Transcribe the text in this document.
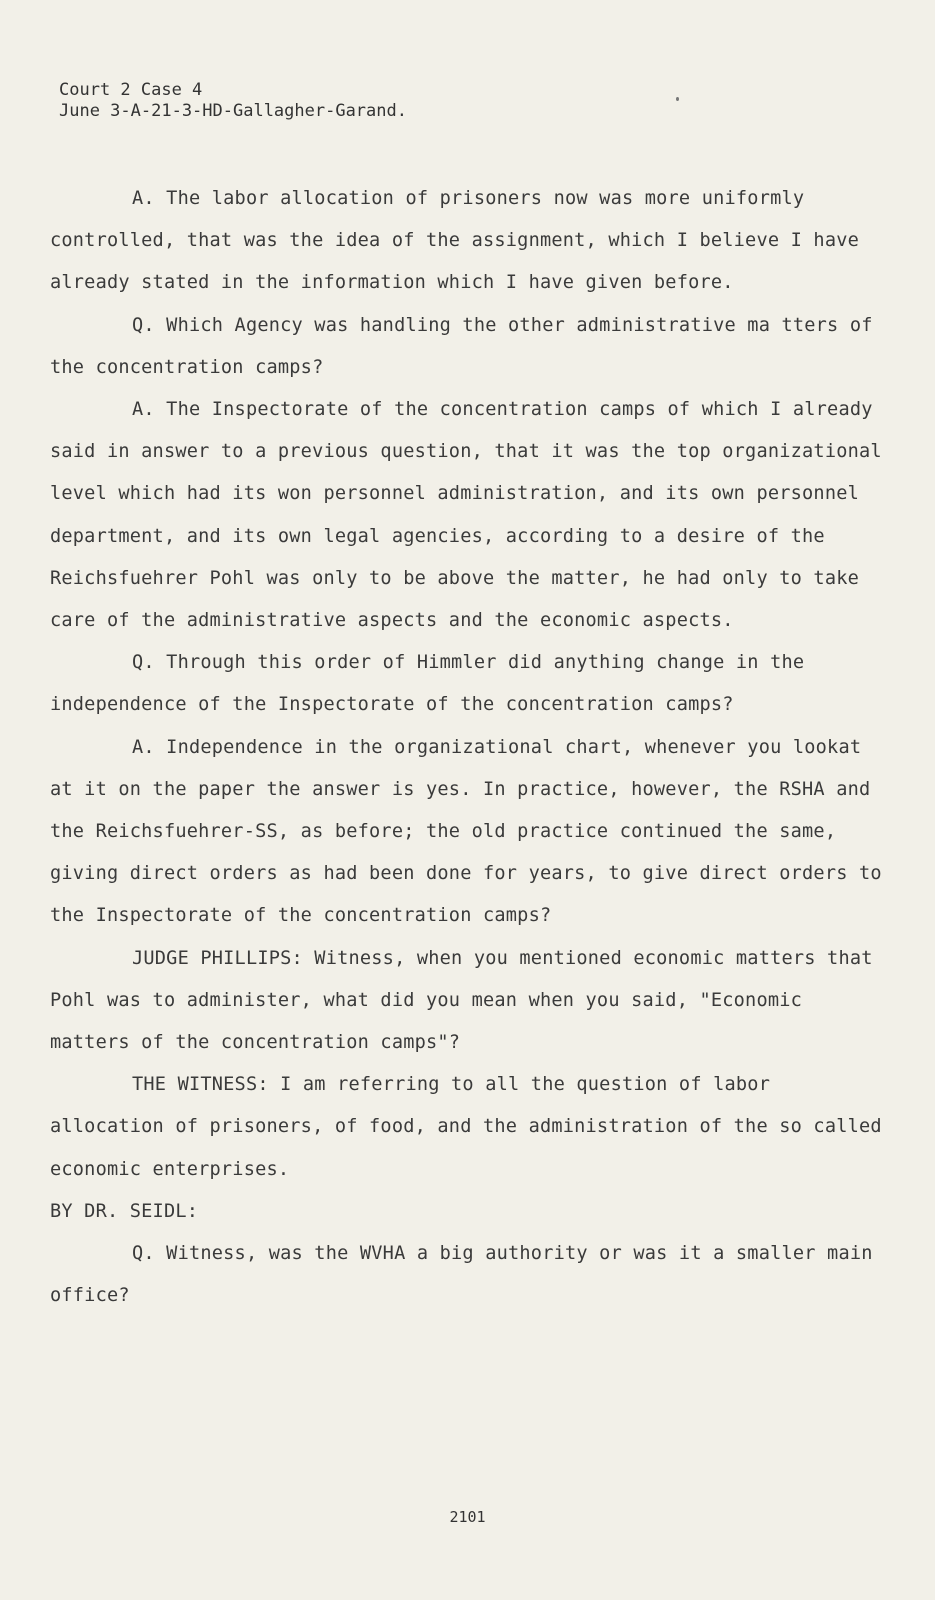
Court 2 Case 4
June 3-A-21-3-HD-Gallagher-Garand.

A. The labor allocation of prisoners now was more uniformly controlled, that was the idea of the assignment, which I believe I have already stated in the information which I have given before.

Q. Which Agency was handling the other administrative ma tters of the concentration camps?

A. The Inspectorate of the concentration camps of which I already said in answer to a previous question, that it was the top organizational level which had its won personnel administration, and its own personnel department, and its own legal agencies, according to a desire of the Reichsfuehrer Pohl was only to be above the matter, he had only to take care of the administrative aspects and the economic aspects.

Q. Through this order of Himmler did anything change in the independence of the Inspectorate of the concentration camps?

A. Independence in the organizational chart, whenever you lookat at it on the paper the answer is yes. In practice, however, the RSHA and the Reichsfuehrer-SS, as before; the old practice continued the same, giving direct orders as had been done for years, to give direct orders to the Inspectorate of the concentration camps?

JUDGE PHILLIPS: Witness, when you mentioned economic matters that Pohl was to administer, what did you mean when you said, "Economic matters of the concentration camps"?

THE WITNESS: I am referring to all the question of labor allocation of prisoners, of food, and the administration of the so called economic enterprises.

BY DR. SEIDL:

Q. Witness, was the WVHA a big authority or was it a smaller main office?

2101
